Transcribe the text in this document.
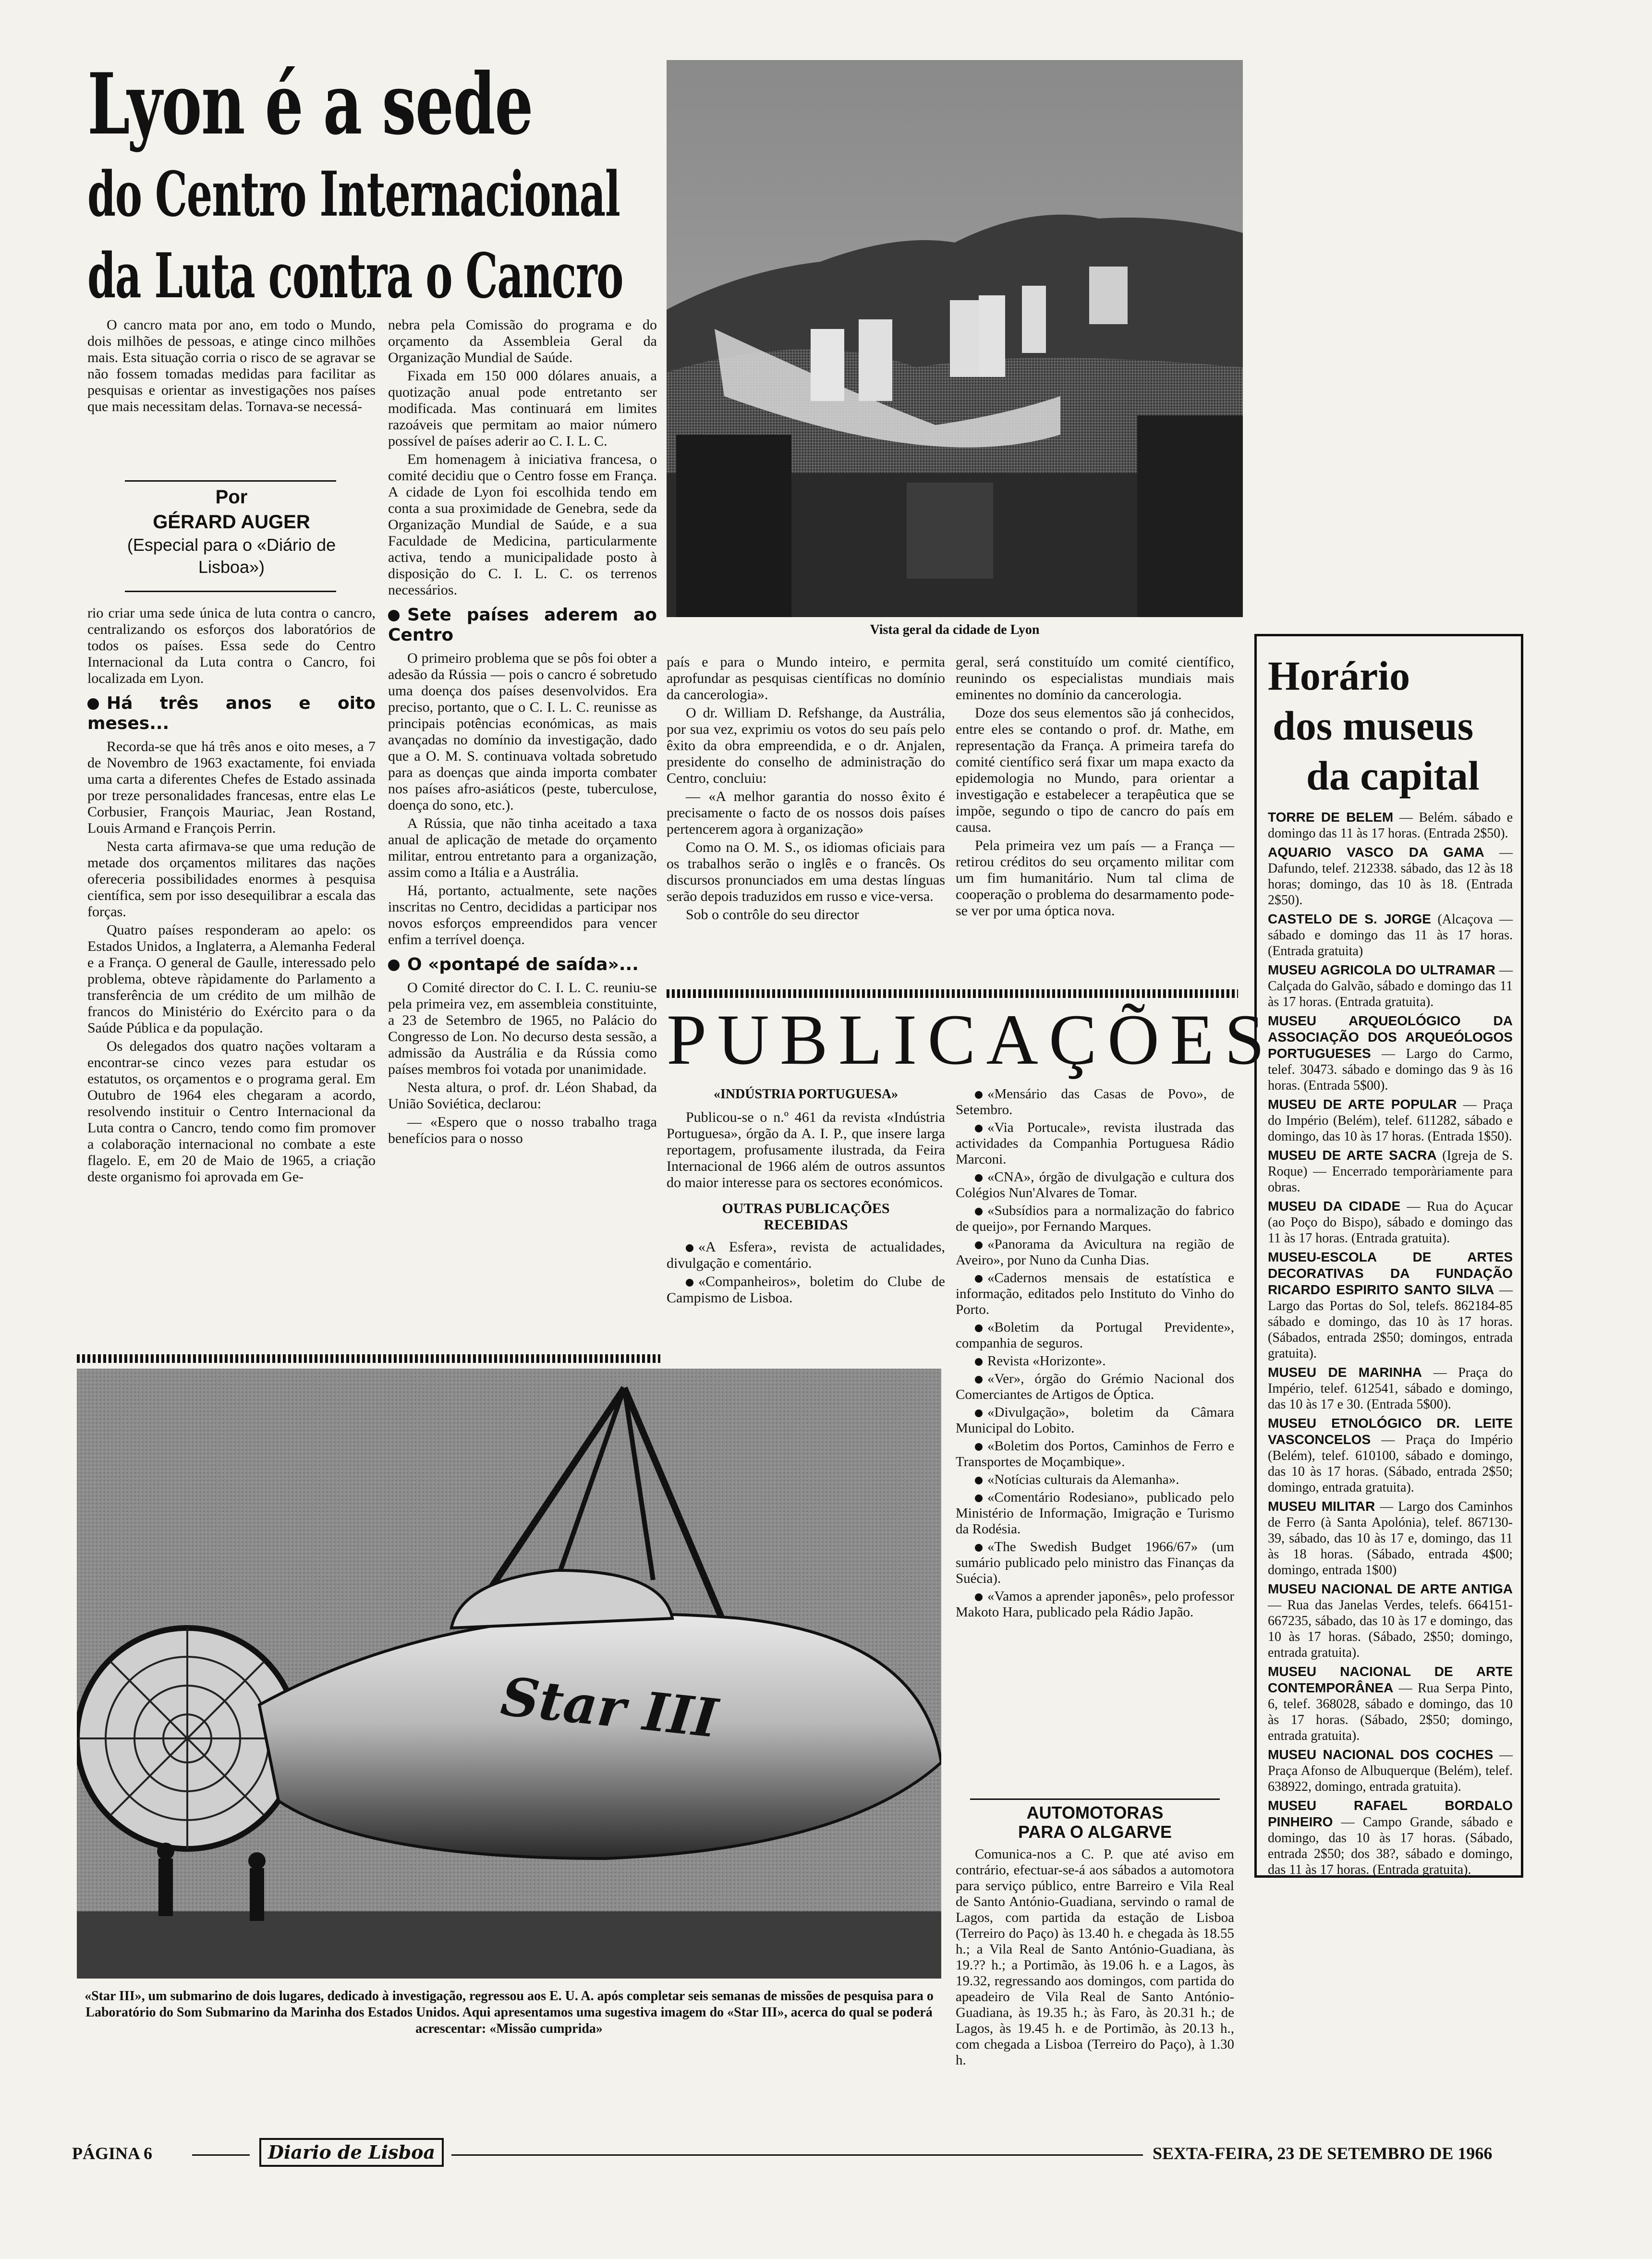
Lyon é a sede
do Centro Internacional
da Luta contra o Cancro

O cancro mata por ano, em todo o Mundo, dois milhões de pessoas, e atinge cinco milhões mais. Esta situação corria o risco de se agravar se não fossem tomadas medidas para facilitar as pesquisas e orientar as investigações nos países que mais necessitam delas. Tornava-se necessá-

Por
GÉRARD AUGER
(Especial para o «Diário de Lisboa»)

rio criar uma sede única de luta contra o cancro, centralizando os esforços dos laboratórios de todos os países. Essa sede do Centro Internacional da Luta contra o Cancro, foi localizada em Lyon.

Há três anos e oito meses...

Recorda-se que há três anos e oito meses, a 7 de Novembro de 1963 exactamente, foi enviada uma carta a diferentes Chefes de Estado assinada por treze personalidades francesas, entre elas Le Corbusier, François Mauriac, Jean Rostand, Louis Armand e François Perrin.

Nesta carta afirmava-se que uma redução de metade dos orçamentos militares das nações ofereceria possibilidades enormes à pesquisa científica, sem por isso desequilibrar a escala das forças.

Quatro países responderam ao apelo: os Estados Unidos, a Inglaterra, a Alemanha Federal e a França. O general de Gaulle, interessado pelo problema, obteve ràpidamente do Parlamento a transferência de um crédito de um milhão de francos do Ministério do Exército para o da Saúde Pública e da população.

Os delegados dos quatro nações voltaram a encontrar-se cinco vezes para estudar os estatutos, os orçamentos e o programa geral. Em Outubro de 1964 eles chegaram a acordo, resolvendo instituir o Centro Internacional da Luta contra o Cancro, tendo como fim promover a colaboração internacional no combate a este flagelo. E, em 20 de Maio de 1965, a criação deste organismo foi aprovada em Ge-

nebra pela Comissão do programa e do orçamento da Assembleia Geral da Organização Mundial de Saúde.

Fixada em 150 000 dólares anuais, a quotização anual pode entretanto ser modificada. Mas continuará em limites razoáveis que permitam ao maior número possível de países aderir ao C. I. L. C.

Em homenagem à iniciativa francesa, o comité decidiu que o Centro fosse em França. A cidade de Lyon foi escolhida tendo em conta a sua proximidade de Genebra, sede da Organização Mundial de Saúde, e a sua Faculdade de Medicina, particularmente activa, tendo a municipalidade posto à disposição do C. I. L. C. os terrenos necessários.

Sete países aderem ao Centro

O primeiro problema que se pôs foi obter a adesão da Rússia — pois o cancro é sobretudo uma doença dos países desenvolvidos. Era preciso, portanto, que o C. I. L. C. reunisse as principais potências económicas, as mais avançadas no domínio da investigação, dado que a O. M. S. continuava voltada sobretudo para as doenças que ainda importa combater nos países afro-asiáticos (peste, tuberculose, doença do sono, etc.).

A Rússia, que não tinha aceitado a taxa anual de aplicação de metade do orçamento militar, entrou entretanto para a organização, assim como a Itália e a Austrália.

Há, portanto, actualmente, sete nações inscritas no Centro, decididas a participar nos novos esforços empreendidos para vencer enfim a terrível doença.

O «pontapé de saída»...

O Comité director do C. I. L. C. reuniu-se pela primeira vez, em assembleia constituinte, a 23 de Setembro de 1965, no Palácio do Congresso de Lon. No decurso desta sessão, a admissão da Austrália e da Rússia como países membros foi votada por unanimidade.

Nesta altura, o prof. dr. Léon Shabad, da União Soviética, declarou:

— «Espero que o nosso trabalho traga benefícios para o nosso

Vista geral da cidade de Lyon

país e para o Mundo inteiro, e permita aprofundar as pesquisas científicas no domínio da cancerologia».

O dr. William D. Refshange, da Austrália, por sua vez, exprimiu os votos do seu país pelo êxito da obra empreendida, e o dr. Anjalen, presidente do conselho de administração do Centro, concluiu:

— «A melhor garantia do nosso êxito é precisamente o facto de os nossos dois países pertencerem agora à organização»

Como na O. M. S., os idiomas oficiais para os trabalhos serão o inglês e o francês. Os discursos pronunciados em uma destas línguas serão depois traduzidos em russo e vice-versa.

Sob o contrôle do seu director

geral, será constituído um comité científico, reunindo os especialistas mundiais mais eminentes no domínio da cancerologia.

Doze dos seus elementos são já conhecidos, entre eles se contando o prof. dr. Mathe, em representação da França. A primeira tarefa do comité científico será fixar um mapa exacto da epidemologia no Mundo, para orientar a investigação e estabelecer a terapêutica que se impõe, segundo o tipo de cancro do país em causa.

Pela primeira vez um país — a França — retirou créditos do seu orçamento militar com um fim humanitário. Num tal clima de cooperação o problema do desarmamento pode-se ver por uma óptica nova.

PUBLICAÇÕES
«INDÚSTRIA PORTUGUESA»

Publicou-se o n.º 461 da revista «Indústria Portuguesa», órgão da A. I. P., que insere larga reportagem, profusamente ilustrada, da Feira Internacional de 1966 além de outros assuntos do maior interesse para os sectores económicos.

OUTRAS PUBLICAÇÕES RECEBIDAS

«A Esfera», revista de actualidades, divulgação e comentário.

«Companheiros», boletim do Clube de Campismo de Lisboa.

«Mensário das Casas de Povo», de Setembro.

«Via Portucale», revista ilustrada das actividades da Companhia Portuguesa Rádio Marconi.

«CNA», órgão de divulgação e cultura dos Colégios Nun'Alvares de Tomar.

«Subsídios para a normalização do fabrico de queijo», por Fernando Marques.

«Panorama da Avicultura na região de Aveiro», por Nuno da Cunha Dias.

«Cadernos mensais de estatística e informação, editados pelo Instituto do Vinho do Porto.

«Boletim da Portugal Previdente», companhia de seguros.

Revista «Horizonte».

«Ver», órgão do Grémio Nacional dos Comerciantes de Artigos de Óptica.

«Divulgação», boletim da Câmara Municipal do Lobito.

«Boletim dos Portos, Caminhos de Ferro e Transportes de Moçambique».

«Notícias culturais da Alemanha».

«Comentário Rodesiano», publicado pelo Ministério de Informação, Imigração e Turismo da Rodésia.

«The Swedish Budget 1966/67» (um sumário publicado pelo ministro das Finanças da Suécia).

«Vamos a aprender japonês», pelo professor Makoto Hara, publicado pela Rádio Japão.

AUTOMOTORAS
PARA O ALGARVE

Comunica-nos a C. P. que até aviso em contrário, efectuar-se-á aos sábados a automotora para serviço público, entre Barreiro e Vila Real de Santo António-Guadiana, servindo o ramal de Lagos, com partida da estação de Lisboa (Terreiro do Paço) às 13.40 h. e chegada às 18.55 h.; a Vila Real de Santo António-Guadiana, às 19.?? h.; a Portimão, às 19.06 h. e a Lagos, às 19.32, regressando aos domingos, com partida do apeadeiro de Vila Real de Santo António-Guadiana, às 19.35 h.; às Faro, às 20.31 h.; de Lagos, às 19.45 h. e de Portimão, às 20.13 h., com chegada a Lisboa (Terreiro do Paço), à 1.30 h.

Horário
dos museus
da capital

TORRE DE BELEM — Belém. sábado e domingo das 11 às 17 horas. (Entrada 2$50).

AQUARIO VASCO DA GAMA — Dafundo, telef. 212338. sábado, das 12 às 18 horas; domingo, das 10 às 18. (Entrada 2$50).

CASTELO DE S. JORGE (Alcaçova — sábado e domingo das 11 às 17 horas. (Entrada gratuita)

MUSEU AGRICOLA DO ULTRAMAR — Calçada do Galvão, sábado e domingo das 11 às 17 horas. (Entrada gratuita).

MUSEU ARQUEOLÓGICO DA ASSOCIAÇÃO DOS ARQUEÓLOGOS PORTUGUESES — Largo do Carmo, telef. 30473. sábado e domingo das 9 às 16 horas. (Entrada 5$00).

MUSEU DE ARTE POPULAR — Praça do Império (Belém), telef. 611282, sábado e domingo, das 10 às 17 horas. (Entrada 1$50).

MUSEU DE ARTE SACRA (Igreja de S. Roque) — Encerrado temporàriamente para obras.

MUSEU DA CIDADE — Rua do Açucar (ao Poço do Bispo), sábado e domingo das 11 às 17 horas. (Entrada gratuita).

MUSEU-ESCOLA DE ARTES DECORATIVAS DA FUNDAÇÃO RICARDO ESPIRITO SANTO SILVA — Largo das Portas do Sol, telefs. 862184-85 sábado e domingo, das 10 às 17 horas. (Sábados, entrada 2$50; domingos, entrada gratuita).

MUSEU DE MARINHA — Praça do Império, telef. 612541, sábado e domingo, das 10 às 17 e 30. (Entrada 5$00).

MUSEU ETNOLÓGICO DR. LEITE VASCONCELOS — Praça do Império (Belém), telef. 610100, sábado e domingo, das 10 às 17 horas. (Sábado, entrada 2$50; domingo, entrada gratuita).

MUSEU MILITAR — Largo dos Caminhos de Ferro (à Santa Apolónia), telef. 867130-39, sábado, das 10 às 17 e, domingo, das 11 às 18 horas. (Sábado, entrada 4$00; domingo, entrada 1$00)

MUSEU NACIONAL DE ARTE ANTIGA — Rua das Janelas Verdes, telefs. 664151-667235, sábado, das 10 às 17 e domingo, das 10 às 17 horas. (Sábado, 2$50; domingo, entrada gratuita).

MUSEU NACIONAL DE ARTE CONTEMPORÂNEA — Rua Serpa Pinto, 6, telef. 368028, sábado e domingo, das 10 às 17 horas. (Sábado, 2$50; domingo, entrada gratuita).

MUSEU NACIONAL DOS COCHES — Praça Afonso de Albuquerque (Belém), telef. 638922, domingo, entrada gratuita).

MUSEU RAFAEL BORDALO PINHEIRO — Campo Grande, sábado e domingo, das 10 às 17 horas. (Sábado, entrada 2$50; dos 38?, sábado e domingo, das 11 às 17 horas. (Entrada gratuita).

Star III
«Star III», um submarino de dois lugares, dedicado à investigação, regressou aos E. U. A. após completar seis semanas de missões de pesquisa para o Laboratório do Som Submarino da Marinha dos Estados Unidos. Aqui apresentamos uma sugestiva imagem do «Star III», acerca do qual se poderá acrescentar: «Missão cumprida»
PÁGINA 6	Diario de Lisboa	SEXTA-FEIRA, 23 DE SETEMBRO DE 1966
